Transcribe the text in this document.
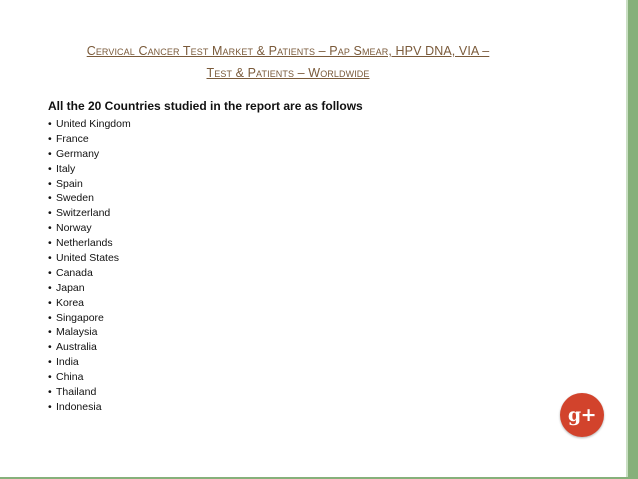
Cervical Cancer Test Market & Patients – Pap Smear, HPV DNA, VIA –
Test & Patients – Worldwide
All the 20 Countries studied in the report are as follows
• United Kingdom
• France
• Germany
• Italy
• Spain
• Sweden
• Switzerland
• Norway
• Netherlands
• United States
• Canada
• Japan
• Korea
• Singapore
• Malaysia
• Australia
• India
• China
• Thailand
• Indonesia	g+
